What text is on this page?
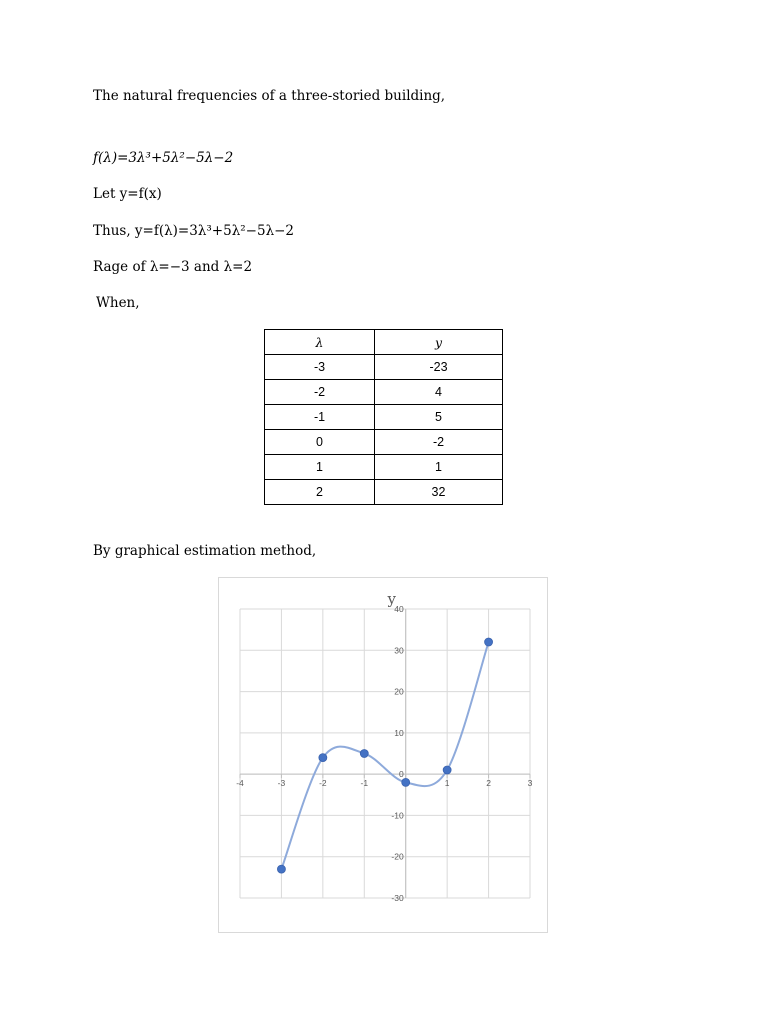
The natural frequencies of a three-storied building,
f(λ)=3λ³+5λ²−5λ−2
Let y=f(x)
Thus, y=f(λ)=3λ³+5λ²−5λ−2
Rage of λ=−3 and λ=2
When,
λ	y
-3	-23
-2	4
-1	5
0	-2
1	1
2	32
By graphical estimation method,
-4	-3	-2	-1	1	2	3
-30
-20
-10
0
10
20
30
40
y
